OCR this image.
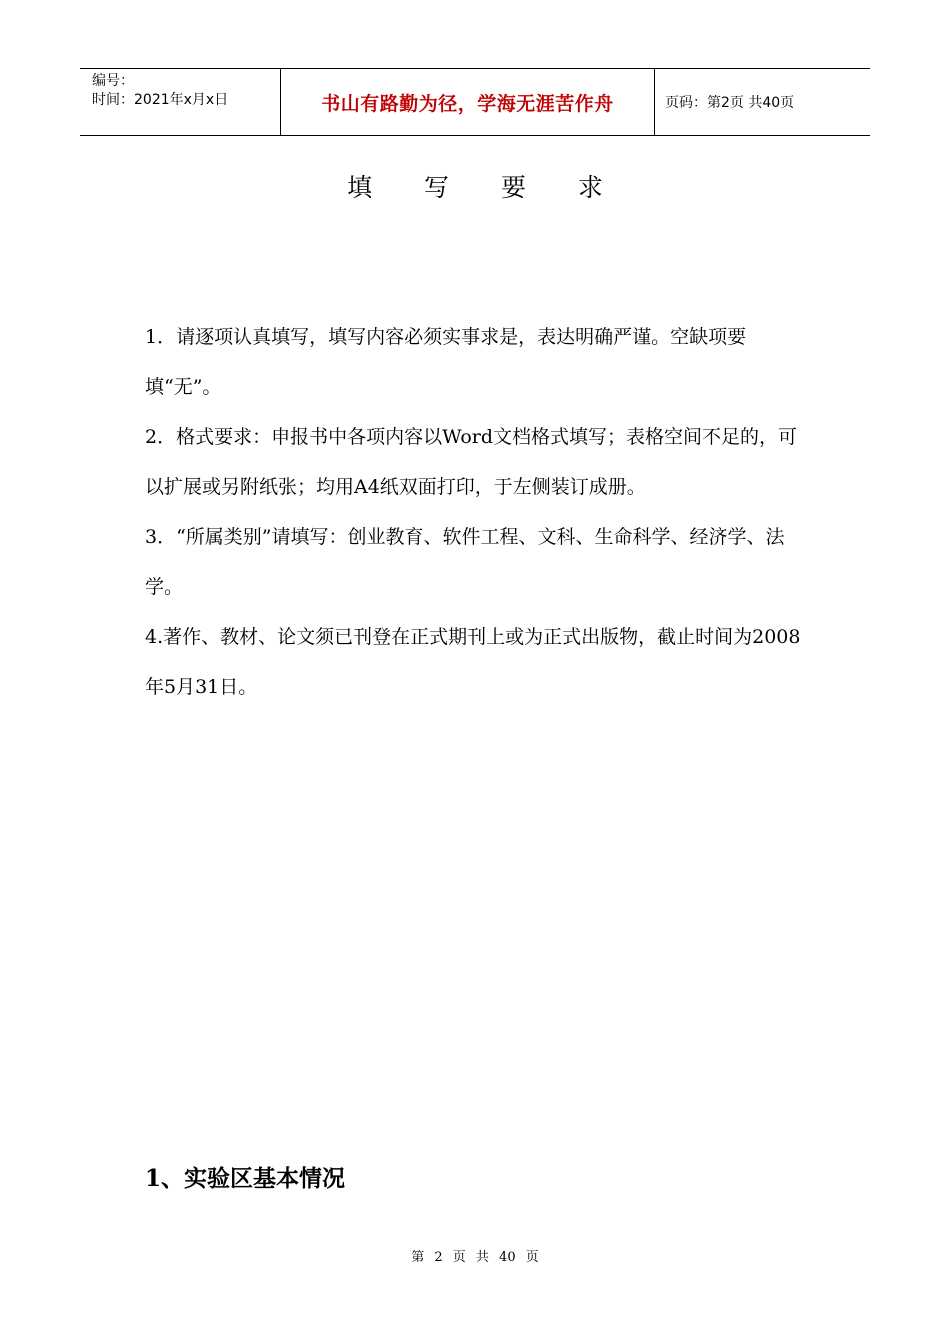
编号：
时间：2021年x月x日	书山有路勤为径，学海无涯苦作舟	页码：第2页 共40页
填 写 要 求

1．请逐项认真填写，填写内容必须实事求是，表达明确严谨。空缺项要填“无”。

2．格式要求：申报书中各项内容以Word文档格式填写；表格空间不足的，可以扩展或另附纸张；均用A4纸双面打印，于左侧装订成册。

3．“所属类别”请填写：创业教育、软件工程、文科、生命科学、经济学、法学。

4.著作、教材、论文须已刊登在正式期刊上或为正式出版物，截止时间为2008年5月31日。

1、实验区基本情况
第 2 页 共 40 页
